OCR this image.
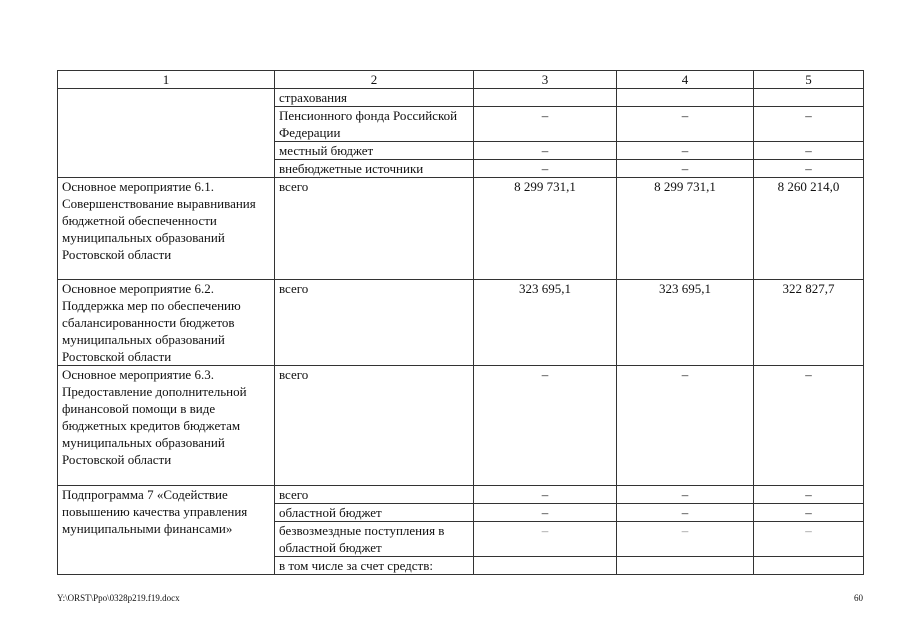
1	2	3	4	5
	страхования			
	Пенсионного фонда Российской Федерации	–	–	–
	местный бюджет	–	–	–
	внебюджетные источники	–	–	–
Основное мероприятие 6.1. Совершенствование выравнивания бюджетной обеспеченности муниципальных образований Ростовской области	всего	8 299 731,1	8 299 731,1	8 260 214,0
Основное мероприятие 6.2. Поддержка мер по обеспечению сбалансированности бюджетов муниципальных образований Ростовской области	всего	323 695,1	323 695,1	322 827,7
Основное мероприятие 6.3. Предоставление дополнительной финансовой помощи в виде бюджетных кредитов бюджетам муниципальных образований Ростовской области	всего	–	–	–
Подпрограмма 7 «Содействие повышению качества управления муниципальными финансами»	всего	–	–	–
	областной бюджет	–	–	–
	безвозмездные поступления в областной бюджет	–	–	–
	в том числе за счет средств:			
Y:\ORST\Ppo\0328p219.f19.docx	60
